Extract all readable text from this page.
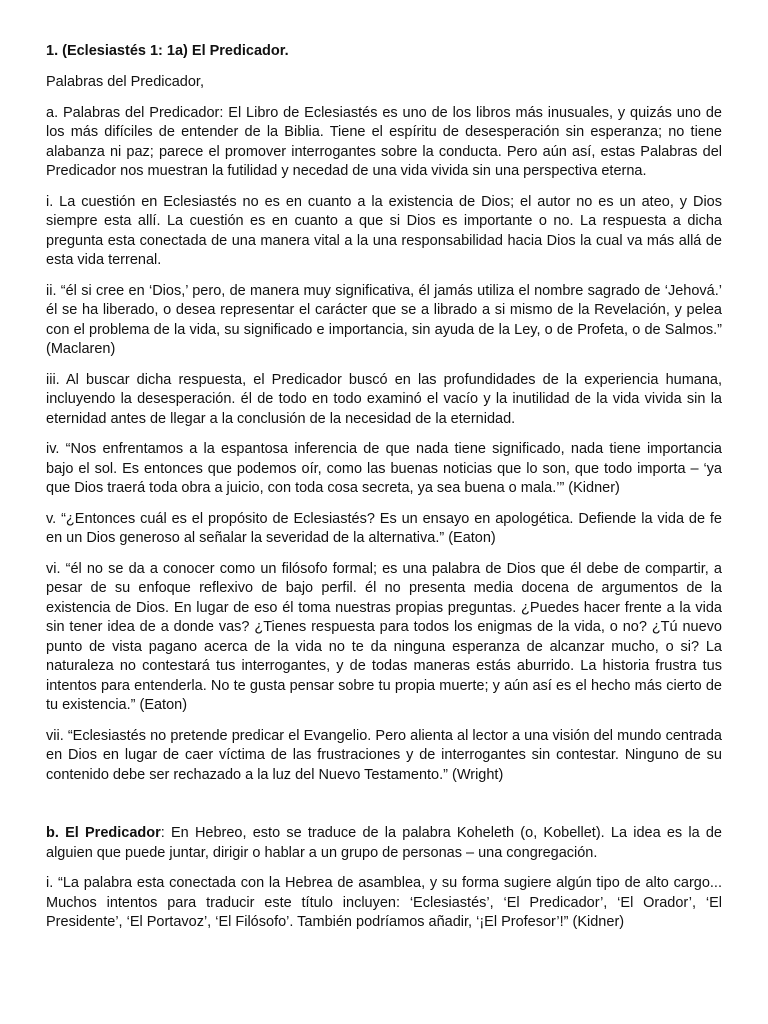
1. (Eclesiastés 1: 1a) El Predicador.

Palabras del Predicador,

a. Palabras del Predicador: El Libro de Eclesiastés es uno de los libros más inusuales, y quizás uno de los más difíciles de entender de la Biblia. Tiene el espíritu de desesperación sin esperanza; no tiene alabanza ni paz; parece el promover interrogantes sobre la conducta. Pero aún así, estas Palabras del Predicador nos muestran la futilidad y necedad de una vida vivida sin una perspectiva eterna.

i. La cuestión en Eclesiastés no es en cuanto a la existencia de Dios; el autor no es un ateo, y Dios siempre esta allí. La cuestión es en cuanto a que si Dios es importante o no. La respuesta a dicha pregunta esta conectada de una manera vital a la una responsabilidad hacia Dios la cual va más allá de esta vida terrenal.

ii. “él si cree en ‘Dios,’ pero, de manera muy significativa, él jamás utiliza el nombre sagrado de ‘Jehová.’ él se ha liberado, o desea representar el carácter que se a librado a si mismo de la Revelación, y pelea con el problema de la vida, su significado e importancia, sin ayuda de la Ley, o de Profeta, o de Salmos.” (Maclaren)

iii. Al buscar dicha respuesta, el Predicador buscó en las profundidades de la experiencia humana, incluyendo la desesperación. él de todo en todo examinó el vacío y la inutilidad de la vida vivida sin la eternidad antes de llegar a la conclusión de la necesidad de la eternidad.

iv. “Nos enfrentamos a la espantosa inferencia de que nada tiene significado, nada tiene importancia bajo el sol. Es entonces que podemos oír, como las buenas noticias que lo son, que todo importa – ‘ya que Dios traerá toda obra a juicio, con toda cosa secreta, ya sea buena o mala.’” (Kidner)

v. “¿Entonces cuál es el propósito de Eclesiastés? Es un ensayo en apologética. Defiende la vida de fe en un Dios generoso al señalar la severidad de la alternativa.” (Eaton)

vi. “él no se da a conocer como un filósofo formal; es una palabra de Dios que él debe de compartir, a pesar de su enfoque reflexivo de bajo perfil. él no presenta media docena de argumentos de la existencia de Dios. En lugar de eso él toma nuestras propias preguntas. ¿Puedes hacer frente a la vida sin tener idea de a donde vas? ¿Tienes respuesta para todos los enigmas de la vida, o no? ¿Tú nuevo punto de vista pagano acerca de la vida no te da ninguna esperanza de alcanzar mucho, o si? La naturaleza no contestará tus interrogantes, y de todas maneras estás aburrido. La historia frustra tus intentos para entenderla. No te gusta pensar sobre tu propia muerte; y aún así es el hecho más cierto de tu existencia.” (Eaton)

vii. “Eclesiastés no pretende predicar el Evangelio. Pero alienta al lector a una visión del mundo centrada en Dios en lugar de caer víctima de las frustraciones y de interrogantes sin contestar. Ninguno de su contenido debe ser rechazado a la luz del Nuevo Testamento.” (Wright)

b. El Predicador: En Hebreo, esto se traduce de la palabra Koheleth (o, Kobellet). La idea es la de alguien que puede juntar, dirigir o hablar a un grupo de personas – una congregación.

i. “La palabra esta conectada con la Hebrea de asamblea, y su forma sugiere algún tipo de alto cargo... Muchos intentos para traducir este título incluyen: ‘Eclesiastés’, ‘El Predicador’, ‘El Orador’, ‘El Presidente’, ‘El Portavoz’, ‘El Filósofo’. También podríamos añadir, ‘¡El Profesor’!” (Kidner)
